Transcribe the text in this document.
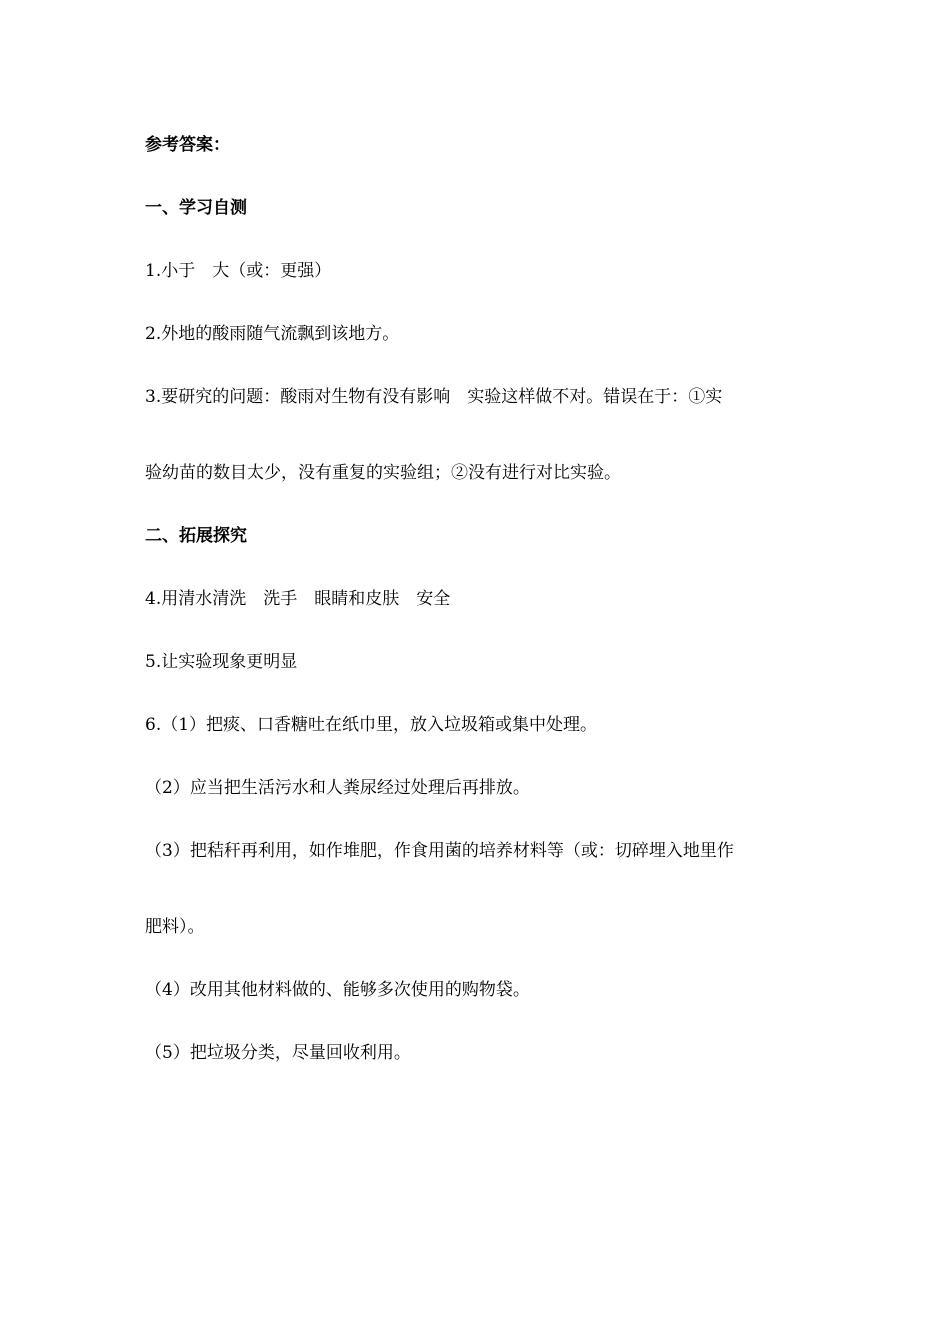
参考答案：
一、学习自测
1.小于　大（或：更强）
2.外地的酸雨随气流飘到该地方。
3.要研究的问题：酸雨对生物有没有影响　实验这样做不对。错误在于：①实
验幼苗的数目太少，没有重复的实验组；②没有进行对比实验。
二、拓展探究
4.用清水清洗　洗手　眼睛和皮肤　安全
5.让实验现象更明显
6.（1）把痰、口香糖吐在纸巾里，放入垃圾箱或集中处理。
（2）应当把生活污水和人粪尿经过处理后再排放。
（3）把秸秆再利用，如作堆肥，作食用菌的培养材料等（或：切碎埋入地里作
肥料）。
（4）改用其他材料做的、能够多次使用的购物袋。
（5）把垃圾分类，尽量回收利用。
